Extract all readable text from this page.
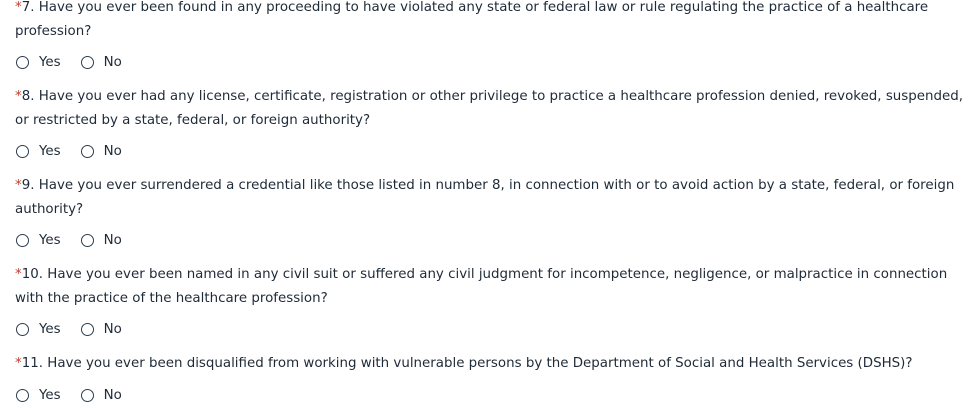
*7. Have you ever been found in any proceeding to have violated any state or federal law or rule regulating the practice of a healthcare profession?

Yes	No

*8. Have you ever had any license, certificate, registration or other privilege to practice a healthcare profession denied, revoked, suspended, or restricted by a state, federal, or foreign authority?

Yes	No

*9. Have you ever surrendered a credential like those listed in number 8, in connection with or to avoid action by a state, federal, or foreign authority?

Yes	No

*10. Have you ever been named in any civil suit or suffered any civil judgment for incompetence, negligence, or malpractice in connection with the practice of the healthcare profession?

Yes	No

*11. Have you ever been disqualified from working with vulnerable persons by the Department of Social and Health Services (DSHS)?

Yes	No
